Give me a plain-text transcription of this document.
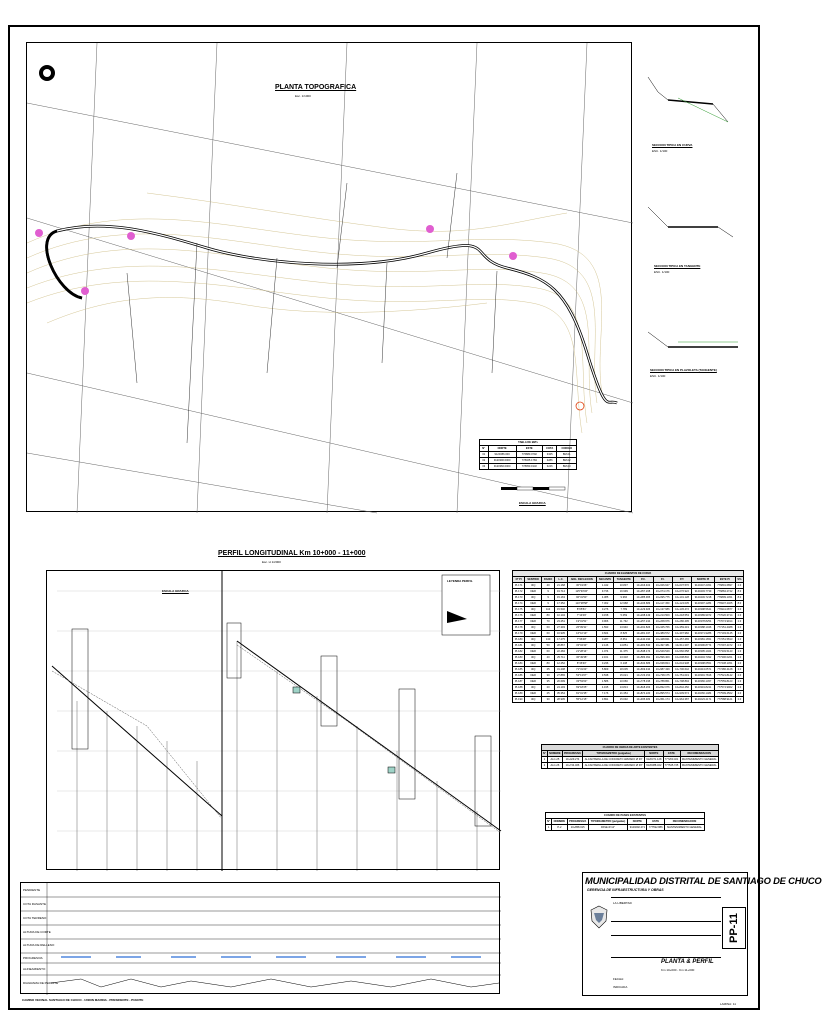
PLANTA TOPOGRAFICA
Esc. 1/1000
TABLA DE BM's				
N°	NORTE	ESTE	COTA	CODIGO
01	9120456.000	776880.0792	3325	BM-01
02	9120390.0000	778465.1784	3286	BM-02
03	9120360.0000	778950.1932	3246	BM-03
ESCALA GRAFICA
SECCION TIPICA EN CURVA
ESC. 1/100
SECCION TIPICA EN TANGENTE
ESC. 1/100
SECCION TIPICA EN PLAZOLETA (TANGENTE)
ESC. 1/100
PERFIL LONGITUDINAL Km 10+000 - 11+000
Esc. H 1/2000
LEYENDA PERFIL
ESCALA GRAFICA
PENDIENTE
COTA RASANTE
COTA TERRENO
ALTURA DE CORTE
ALTURA DE RELLENO
PROGRESIVA
ALINEAMIENTO
DIAGRAMA DE PERALTE
CUADRO DE ELEMENTOS DE CURVA												
Nº PI	SENTIDO	RADIO	L.C.	ANG. DEFLEXION	SECANTE	TANGENTE	P.C.	P.I.	P.T.	NORTE PI	ESTE PI	S%
PI-171	IZQ	40	21.168	30°19'26"	1.442	10.837	10+016.402	10+026.647	10+037.570	9120447.2451	776891.6897	2.0
PI-172	DER	9	19.714	125°30'06"	9.736	16.999	10+057.208	10+074.176	10+076.922	9120403.7739	776884.2742	8.0
PI-173	IZQ	9	15.163	96°31'50"	4.385	9.966	10+085.965	10+095.775	10+101.128	9120449.7218	776899.1451	8.0
PI-174	DER	9	17.352	110°28'58"	7.302	12.968	10+106.683	10+117.450	10+124.035	9120397.1284	776907.2405	8.0
PI-175	IZQ	110	15.546	8°05'51"	0.276	7.789	10+129.926	10+137.686	10+145.472	9120398.5641	776941.0877	2.0
PI-176	DER	80	10.104	7°14'09"	0.158	5.059	10+208.449	10+213.509	10+218.553	9120389.9972	777020.3714	2.0
PI-177	DER	70	23.251	19°01'51"	0.966	11.732	10+257.244	10+268.976	10+280.495	9120378.8254	777074.9914	2.0
PI-178	IZQ	60	27.393	26°09'31"	1.593	13.940	10+331.826	10+345.766	10+359.219	9120388.1046	777151.4488	2.0
PI-179	DER	60	16.935	16°10'19"	0.604	8.525	10+381.047	10+389.572	10+397.982	9120371.9286	777193.6145	2.0
PI-180	IZQ	130	17.275	7°36'48"	0.287	8.651	10+440.190	10+448.841	10+457.465	9120381.1651	777251.5813	2.0
PI-181	IZQ	50	28.867	33°04'43"	2.146	14.851	10+482.530	10+497.381	10+511.397	9120396.8774	777297.4472	2.0
PI-182	DER	60	22.484	21°28'14"	1.074	11.375	10+538.174	10+549.549	10+560.658	9120395.1024	777349.5143	2.0
PI-183	IZQ	40	25.711	36°49'38"	2.161	13.318	10+583.091	10+596.409	10+608.802	9120404.7392	777396.0261	2.0
PI-184	DER	80	12.252	8°46'30"	0.236	6.138	10+632.686	10+638.824	10+644.938	9120398.6551	777438.1451	2.0
PI-185	IZQ	25	31.208	71°31'23"	5.809	18.005	10+669.434	10+687.439	10+700.642	9120413.0571	777486.4128	2.0
PI-186	DER	30	27.865	53°13'07"	3.538	15.021	10+723.154	10+738.175	10+751.019	9120391.7816	777521.8142	2.0
PI-187	DER	35	20.699	33°53'03"	1.586	10.666	10+778.195	10+788.861	10+798.894	9120366.1457	777559.8123	2.0
PI-188	IZQ	20	24.193	69°18'25"	4.195	13.813	10+818.263	10+832.076	10+842.456	9120319.8241	777574.9962	2.0
PI-189	DER	25	35.354	81°01'35"	7.176	21.354	10+874.220	10+895.574	10+909.574	9120266.1484	777599.4562	2.0
PI-190	IZQ	30	28.905	55°12'15"	3.891	15.692	10+935.482	10+951.174	10+964.387	9120223.4171	777588.9121	2.0
CUADRO DE OBRAS DE ARTE EXISTENTES						
N°	NOMBRE	PROGRESIVA	TIPO/DIAMETRO (pulgadas)	NORTE	ESTE	RECOMENDACION
1	ALC-25	10+429.274	ALCANTARILLA DE CONCRETO ARMADO Ø 36"	9120371.128	777260.401	MANTENIMIENTO GENERAL
2	ALC-26	10+744.466	ALCANTARILLA DE CONCRETO ARMADO Ø 36"	9120388.322	777545.725	MANTENIMIENTO GENERAL
CUADRO DE PASES EXISTENTES						
N°	NOMBRE	PROGRESIVA	TIPO/DIAMETRO (pulgadas)	NORTE	ESTE	RECOMENDACION
1	P-2	10+858.015	PASE Ø 12"	9120292.271	777592.886	MANTENIMIENTO GENERAL
MUNICIPALIDAD DISTRITAL DE SANTIAGO DE CHUCO
GERENCIA DE INFRAESTRUCTURA Y OBRAS
LA LIBERTAD
PP-11
PLANTA & PERFIL
Km 10+000 - Km 11+000
FECHA:
INDICADA
CAMINO VECINAL SANTIAGO DE CHUCO - UNION MARINA - PRESIDENTE - PUENTE
LAMINA: 11
